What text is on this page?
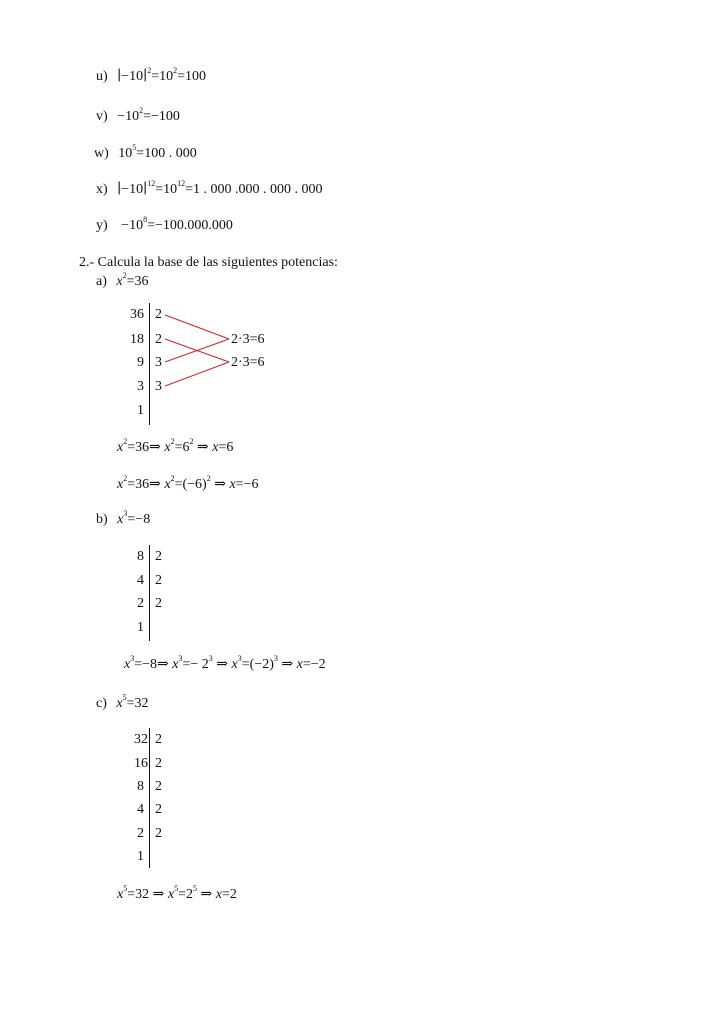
u) $∣-10∣^2=10^2=100$
$v) -10^2=-100$
w) $10^5=100$ . 000
x) $∣-10∣^{12}=10^{12}=1$ . 000 .000 . 000 . 000
$y) -10^8=-100.000.000$
2.- Calcula la base de las siguientes potencias:
a) $x^2=36$
36
18
9
3
1
2
2
3
3
2·3=6
2·3=6
$x^2=36\Rightarrow$ $x^2=6^2$ ⇒ x=6
$x^2=36\Rightarrow$ $x^2=(-6)^2$ ⇒ x=−6
b) $x^3=-8$
8
4
2
1
2
2
2
$x^3=-8\Rightarrow$ $x^3=- 2^3$ ⇒ $x^3=(-2)^3$ ⇒ x=−2
c) $x^5=32$
32
16
8
4
2
1
2
2
2
2
2
$x^5=32$ ⇒ $x^5=2^5$ ⇒ x=2
